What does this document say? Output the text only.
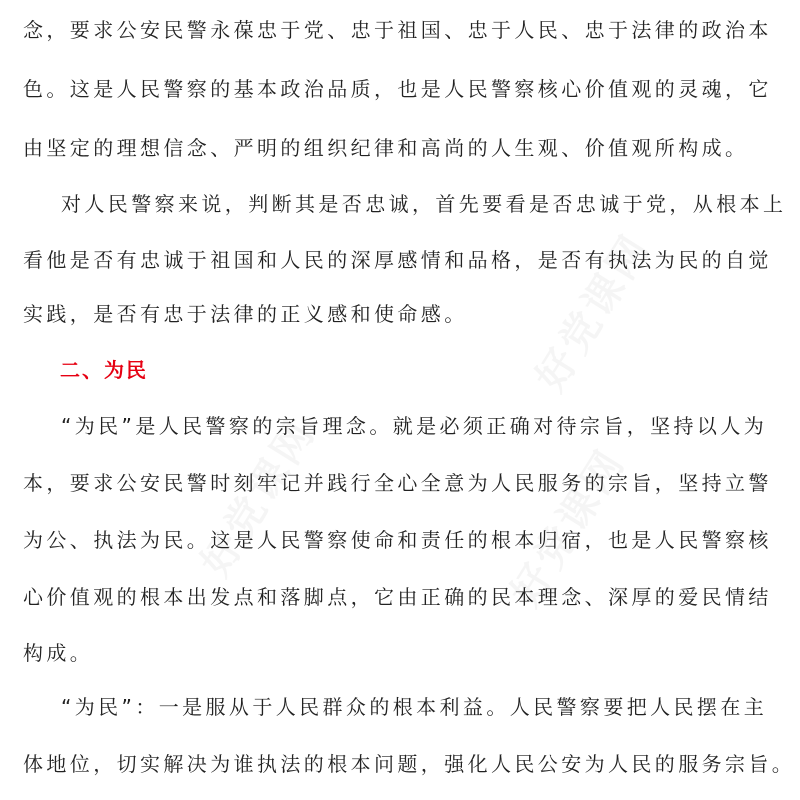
好党课网
好党课网	好党课网
念，要求公安民警永葆忠于党、忠于祖国、忠于人民、忠于法律的政治本
色。这是人民警察的基本政治品质，也是人民警察核心价值观的灵魂，它
由坚定的理想信念、严明的组织纪律和高尚的人生观、价值观所构成。
对人民警察来说，判断其是否忠诚，首先要看是否忠诚于党，从根本上
看他是否有忠诚于祖国和人民的深厚感情和品格，是否有执法为民的自觉
实践，是否有忠于法律的正义感和使命感。
二、为民
“为民”是人民警察的宗旨理念。就是必须正确对待宗旨，坚持以人为
本，要求公安民警时刻牢记并践行全心全意为人民服务的宗旨，坚持立警
为公、执法为民。这是人民警察使命和责任的根本归宿，也是人民警察核
心价值观的根本出发点和落脚点，它由正确的民本理念、深厚的爱民情结
构成。
“为民”：一是服从于人民群众的根本利益。人民警察要把人民摆在主
体地位，切实解决为谁执法的根本问题，强化人民公安为人民的服务宗旨。
